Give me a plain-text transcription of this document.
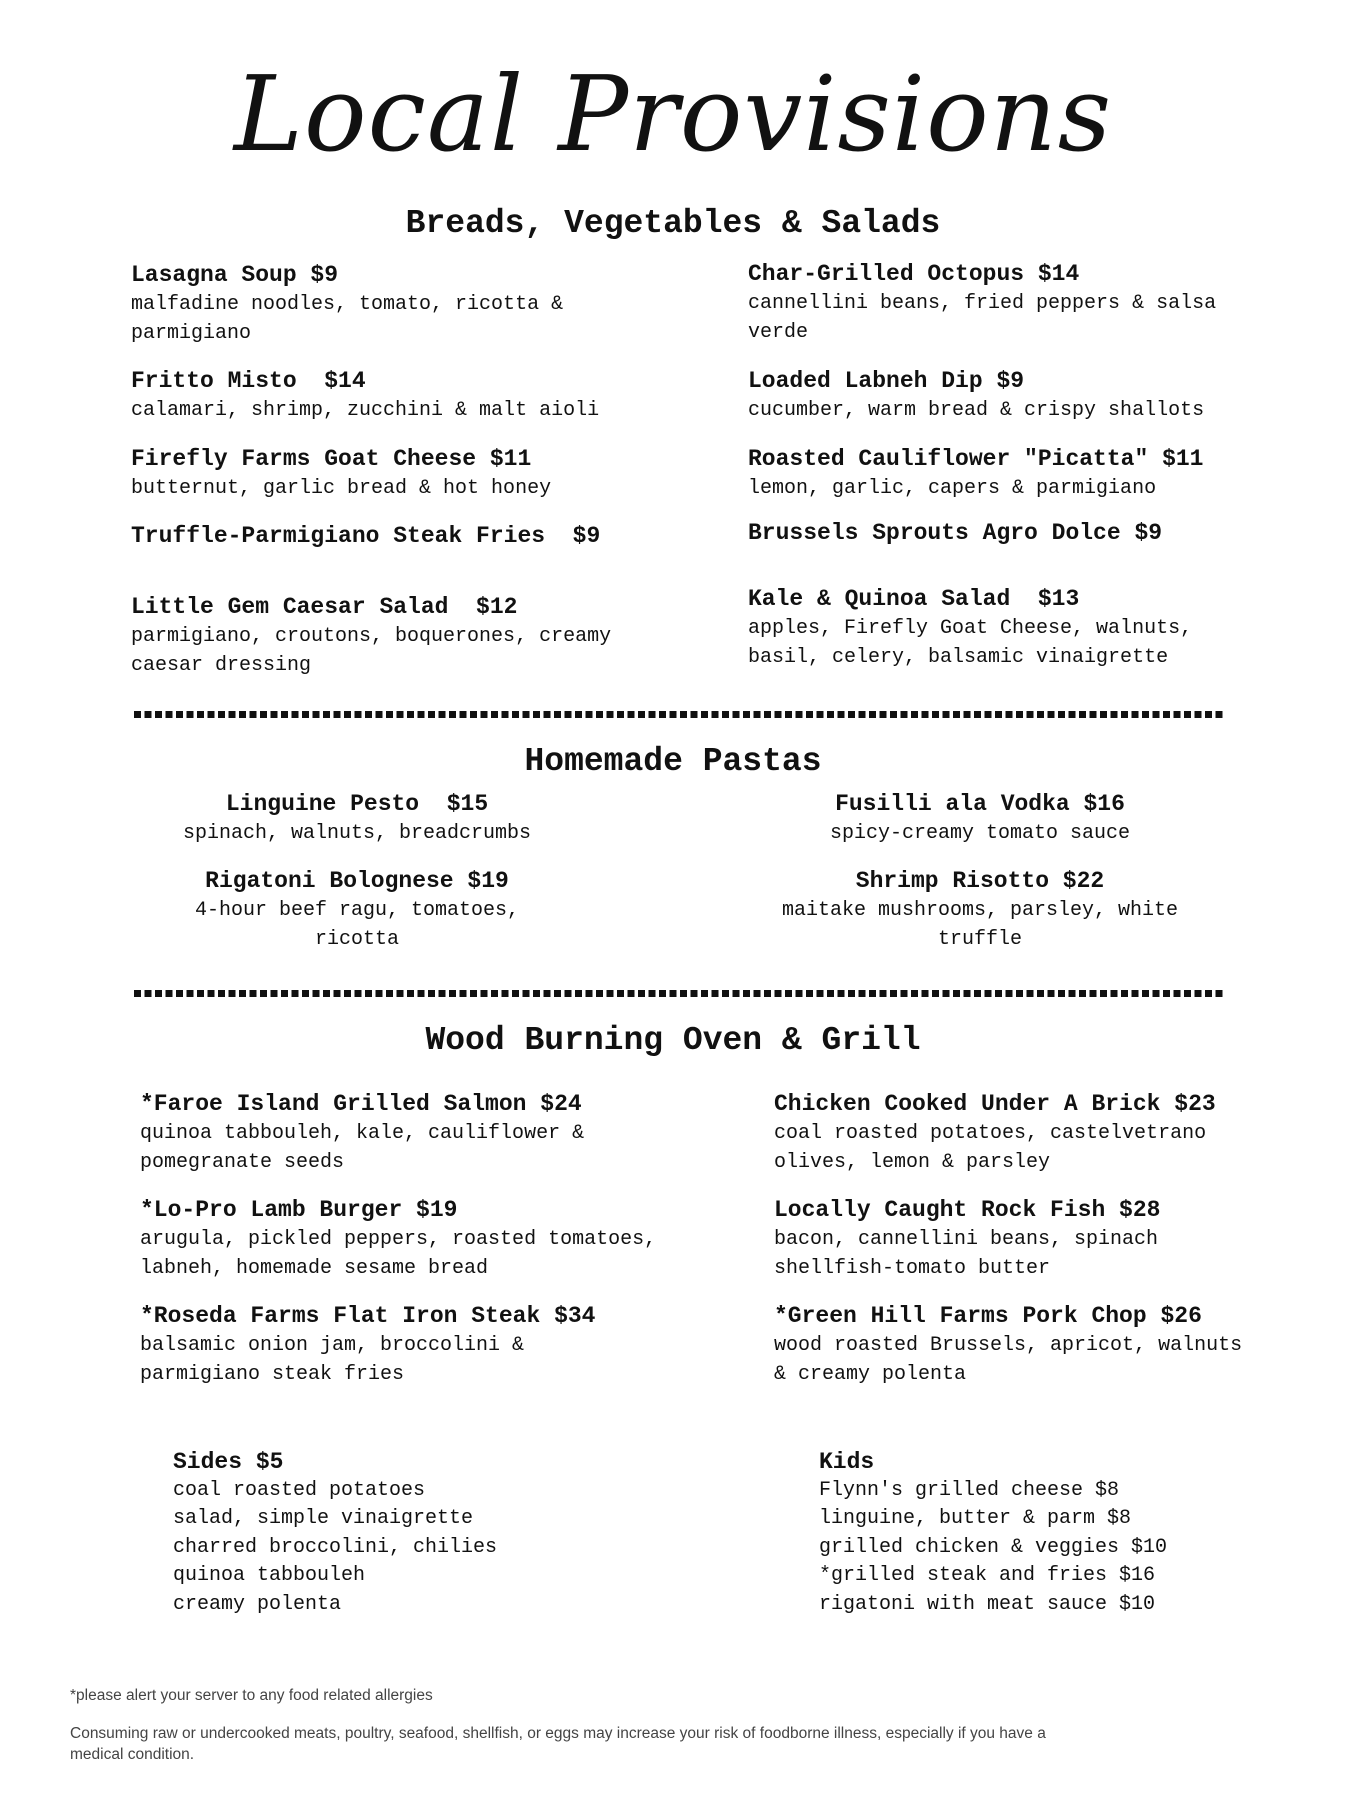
Local Provisions
Breads, Vegetables & Salads
Lasagna Soup $9
malfadine noodles, tomato, ricotta & parmigiano
Fritto Misto  $14
calamari, shrimp, zucchini & malt aioli
Firefly Farms Goat Cheese $11
butternut, garlic bread & hot honey
Truffle-Parmigiano Steak Fries  $9
Little Gem Caesar Salad  $12
parmigiano, croutons, boquerones, creamy caesar dressing
Char-Grilled Octopus $14
cannellini beans, fried peppers & salsa verde
Loaded Labneh Dip $9
cucumber, warm bread & crispy shallots
Roasted Cauliflower "Picatta" $11
lemon, garlic, capers & parmigiano
Brussels Sprouts Agro Dolce $9
Kale & Quinoa Salad  $13
apples, Firefly Goat Cheese, walnuts, basil, celery, balsamic vinaigrette
Homemade Pastas
Linguine Pesto  $15
spinach, walnuts, breadcrumbs
Rigatoni Bolognese $19
4-hour beef ragu, tomatoes, ricotta
Fusilli ala Vodka $16
spicy-creamy tomato sauce
Shrimp Risotto $22
maitake mushrooms, parsley, white truffle
Wood Burning Oven & Grill
*Faroe Island Grilled Salmon $24
quinoa tabbouleh, kale, cauliflower & pomegranate seeds
*Lo-Pro Lamb Burger $19
arugula, pickled peppers, roasted tomatoes, labneh, homemade sesame bread
*Roseda Farms Flat Iron Steak $34
balsamic onion jam, broccolini & parmigiano steak fries
Chicken Cooked Under A Brick $23
coal roasted potatoes, castelvetrano olives, lemon & parsley
Locally Caught Rock Fish $28
bacon, cannellini beans, spinach shellfish-tomato butter
*Green Hill Farms Pork Chop $26
wood roasted Brussels, apricot, walnuts & creamy polenta
Sides $5
coal roasted potatoes
salad, simple vinaigrette
charred broccolini, chilies
quinoa tabbouleh
creamy polenta
Kids
Flynn's grilled cheese $8
linguine, butter & parm $8
grilled chicken & veggies $10
*grilled steak and fries $16
rigatoni with meat sauce $10
*please alert your server to any food related allergies
Consuming raw or undercooked meats, poultry, seafood, shellfish, or eggs may increase your risk of foodborne illness, especially if you have a medical condition.
